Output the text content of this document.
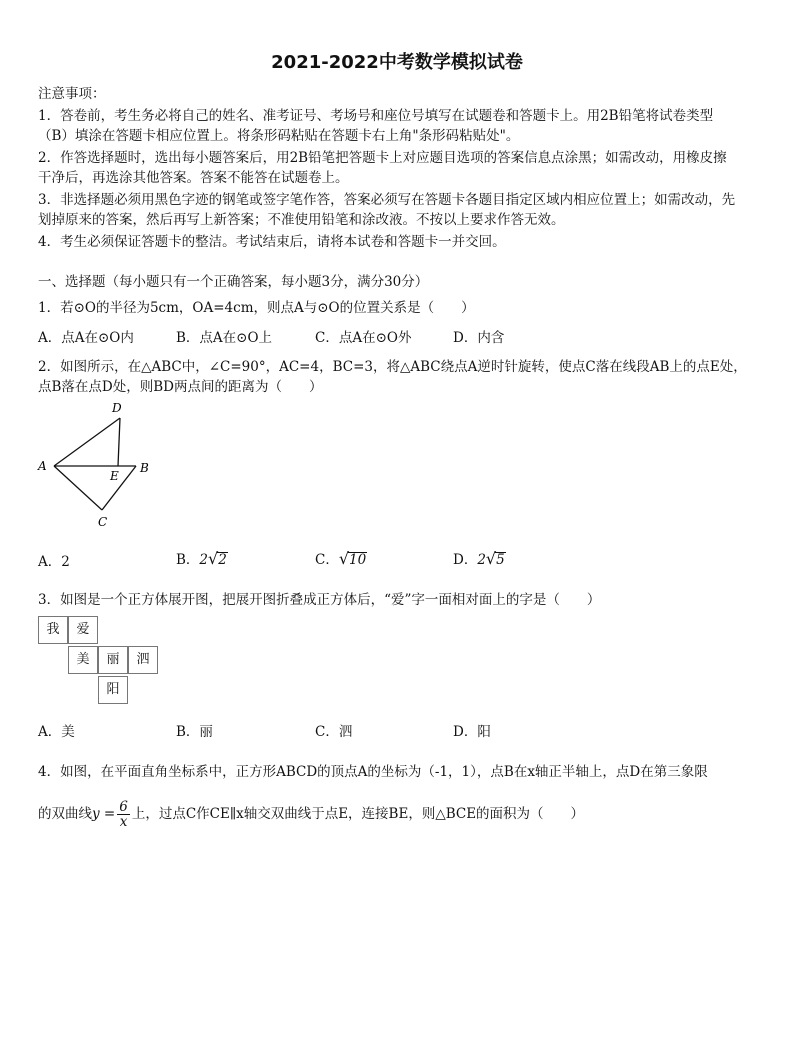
2021-2022中考数学模拟试卷
注意事项：
1．答卷前，考生务必将自己的姓名、准考证号、考场号和座位号填写在试题卷和答题卡上。用2B铅笔将试卷类型
（B）填涂在答题卡相应位置上。将条形码粘贴在答题卡右上角"条形码粘贴处"。
2．作答选择题时，选出每小题答案后，用2B铅笔把答题卡上对应题目选项的答案信息点涂黑；如需改动，用橡皮擦
干净后，再选涂其他答案。答案不能答在试题卷上。
3．非选择题必须用黑色字迹的钢笔或签字笔作答，答案必须写在答题卡各题目指定区域内相应位置上；如需改动，先
划掉原来的答案，然后再写上新答案；不准使用铅笔和涂改液。不按以上要求作答无效。
4．考生必须保证答题卡的整洁。考试结束后，请将本试卷和答题卡一并交回。
一、选择题（每小题只有一个正确答案，每小题3分，满分30分）
1．若⊙O的半径为5cm，OA=4cm，则点A与⊙O的位置关系是（　　）
A．点A在⊙O内	B．点A在⊙O上	C．点A在⊙O外	D．内含
2．如图所示，在△ABC中，∠C=90°，AC=4，BC=3，将△ABC绕点A逆时针旋转，使点C落在线段AB上的点E处，
点B落在点D处，则BD两点间的距离为（　　）
D
A
E
B
C
A．2	B．2√2	C．√10	D．2√5
3．如图是一个正方体展开图，把展开图折叠成正方体后，“爱”字一面相对面上的字是（　　）
我	爱
美	丽	泗
阳
A．美	B．丽	C．泗	D．阳
4．如图，在平面直角坐标系中，正方形ABCD的顶点A的坐标为（-1，1），点B在x轴正半轴上，点D在第三象限
的双曲线$y = \frac{6}{x}$ 上，过点C作CE∥x轴交双曲线于点E，连接BE，则△BCE的面积为（　　）
